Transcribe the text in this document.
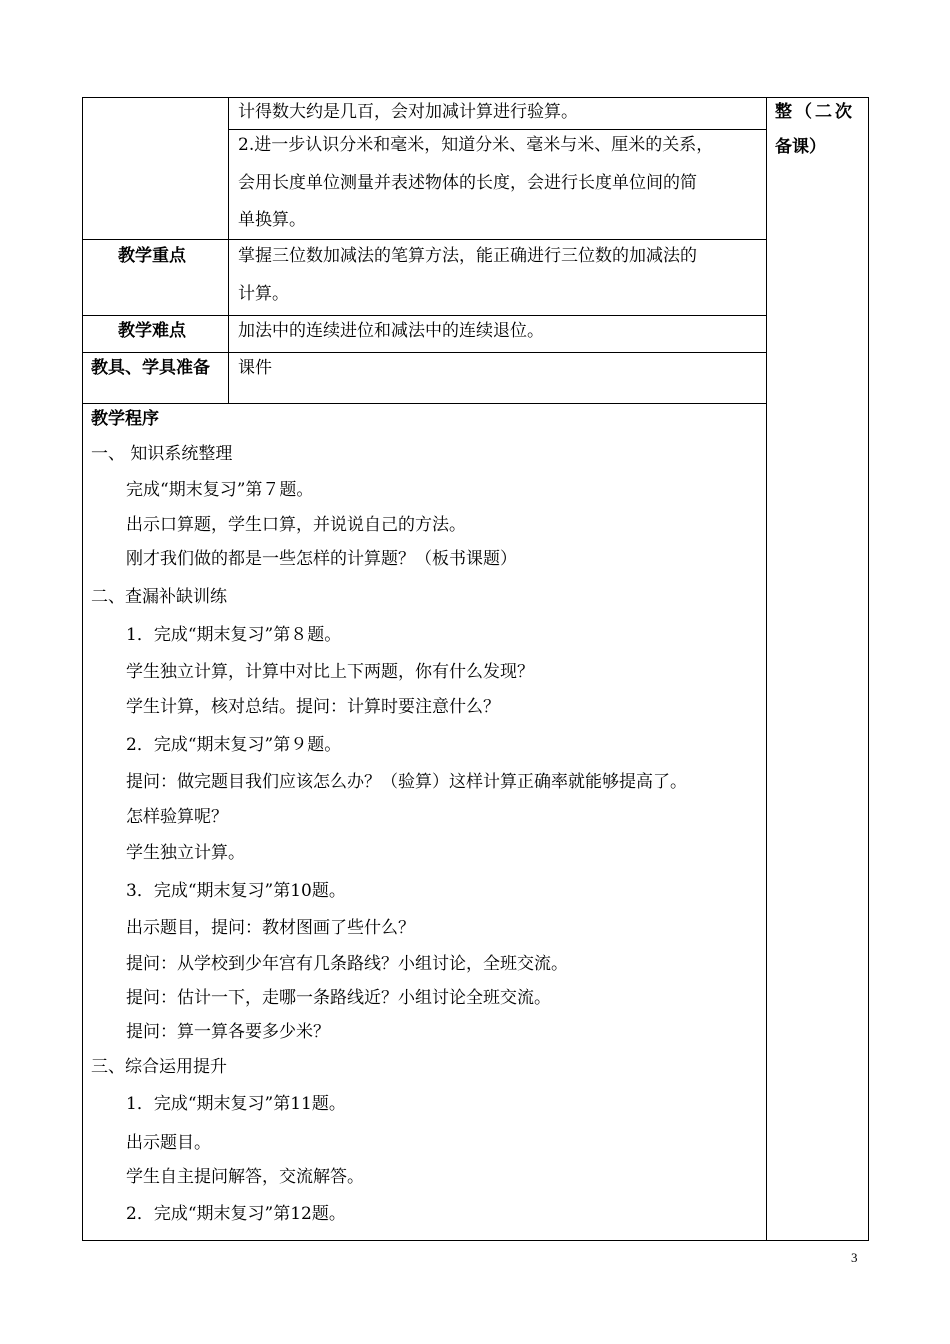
计得数大约是几百，会对加减计算进行验算。
2.进一步认识分米和毫米，知道分米、毫米与米、厘米的关系，
会用长度单位测量并表述物体的长度，会进行长度单位间的简
单换算。
整（二次
备课）
教学重点	掌握三位数加减法的笔算方法，能正确进行三位数的加减法的
计算。
教学难点	加法中的连续进位和减法中的连续退位。
教具、学具准备 课件
教学程序
一、 知识系统整理
完成“期末复习”第７题。
出示口算题，学生口算，并说说自己的方法。
刚才我们做的都是一些怎样的计算题？（板书课题）
二、查漏补缺训练
1．完成“期末复习”第８题。
学生独立计算，计算中对比上下两题，你有什么发现？
学生计算，核对总结。提问：计算时要注意什么？
2．完成“期末复习”第９题。
提问：做完题目我们应该怎么办？（验算）这样计算正确率就能够提高了。
怎样验算呢？
学生独立计算。
3．完成“期末复习”第10题。
出示题目，提问：教材图画了些什么？
提问：从学校到少年宫有几条路线？小组讨论，全班交流。
提问：估计一下，走哪一条路线近？小组讨论全班交流。
提问：算一算各要多少米？
三、综合运用提升
1．完成“期末复习”第11题。
出示题目。
学生自主提问解答，交流解答。
2．完成“期末复习”第12题。
3
